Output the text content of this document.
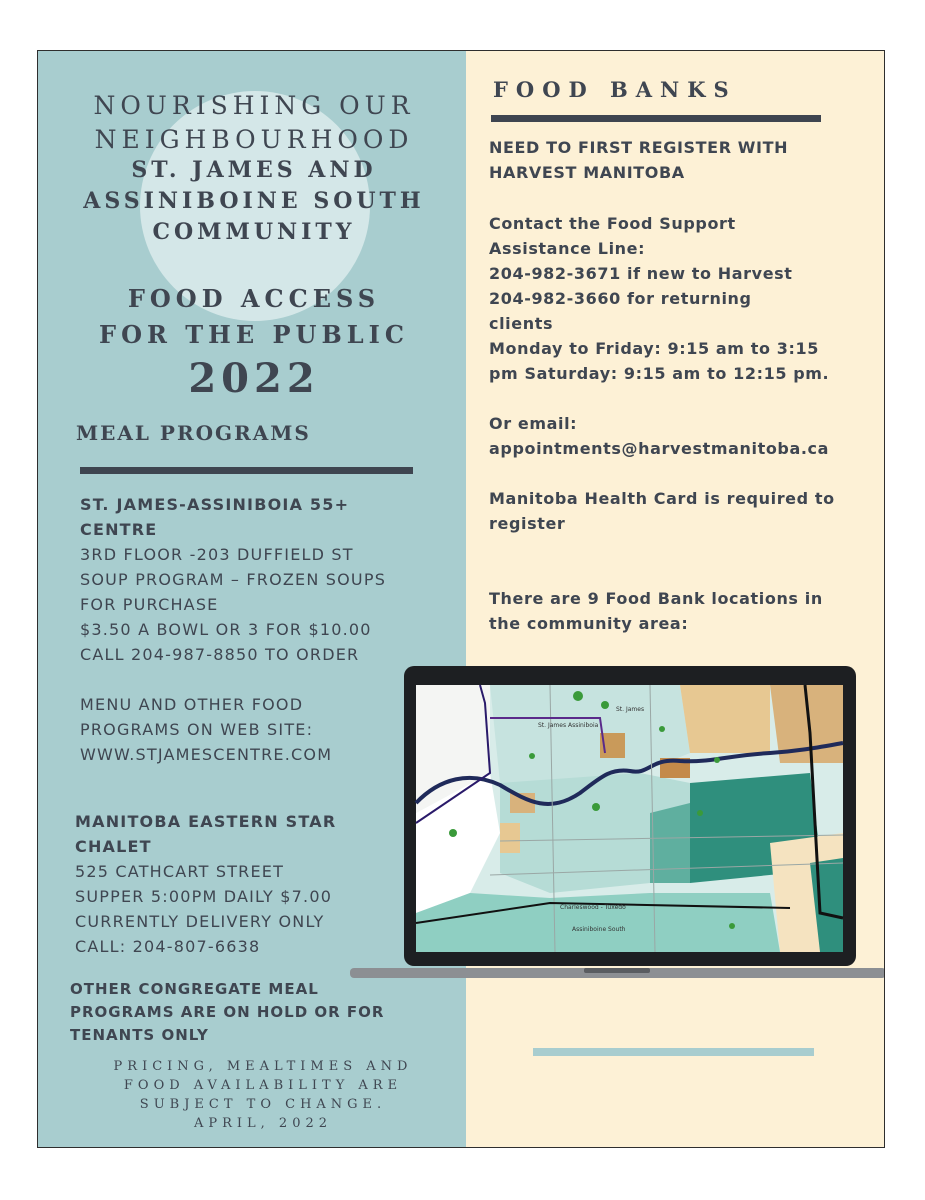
NOURISHING OUR
NEIGHBOURHOOD
ST. JAMES AND
ASSINIBOINE SOUTH
COMMUNITY
FOOD ACCESS
FOR THE PUBLIC
2022
MEAL PROGRAMS
ST. JAMES-ASSINIBOIA 55+
CENTRE
3RD FLOOR -203 DUFFIELD ST
SOUP PROGRAM – FROZEN SOUPS
FOR PURCHASE
$3.50 A BOWL OR 3 FOR $10.00
CALL 204-987-8850 TO ORDER
MENU AND OTHER FOOD
PROGRAMS ON WEB SITE:
WWW.STJAMESCENTRE.COM
MANITOBA EASTERN STAR
CHALET
525 CATHCART STREET
SUPPER 5:00PM DAILY $7.00
CURRENTLY DELIVERY ONLY
CALL: 204-807-6638
OTHER CONGREGATE MEAL
PROGRAMS ARE ON HOLD OR FOR
TENANTS ONLY
PRICING, MEALTIMES AND
FOOD AVAILABILITY ARE
SUBJECT TO CHANGE.
APRIL, 2022
FOOD BANKS
NEED TO FIRST REGISTER WITH
HARVEST MANITOBA
Contact the Food Support
Assistance Line:
204-982-3671 if new to Harvest
204-982-3660 for returning
clients
Monday to Friday: 9:15 am to 3:15
pm Saturday: 9:15 am to 12:15 pm.
Or email:
appointments@harvestmanitoba.ca
Manitoba Health Card is required to
register
There are 9 Food Bank locations in
the community area:
St. James Assiniboia
St. James
Charleswood - Tuxedo
Assiniboine South
